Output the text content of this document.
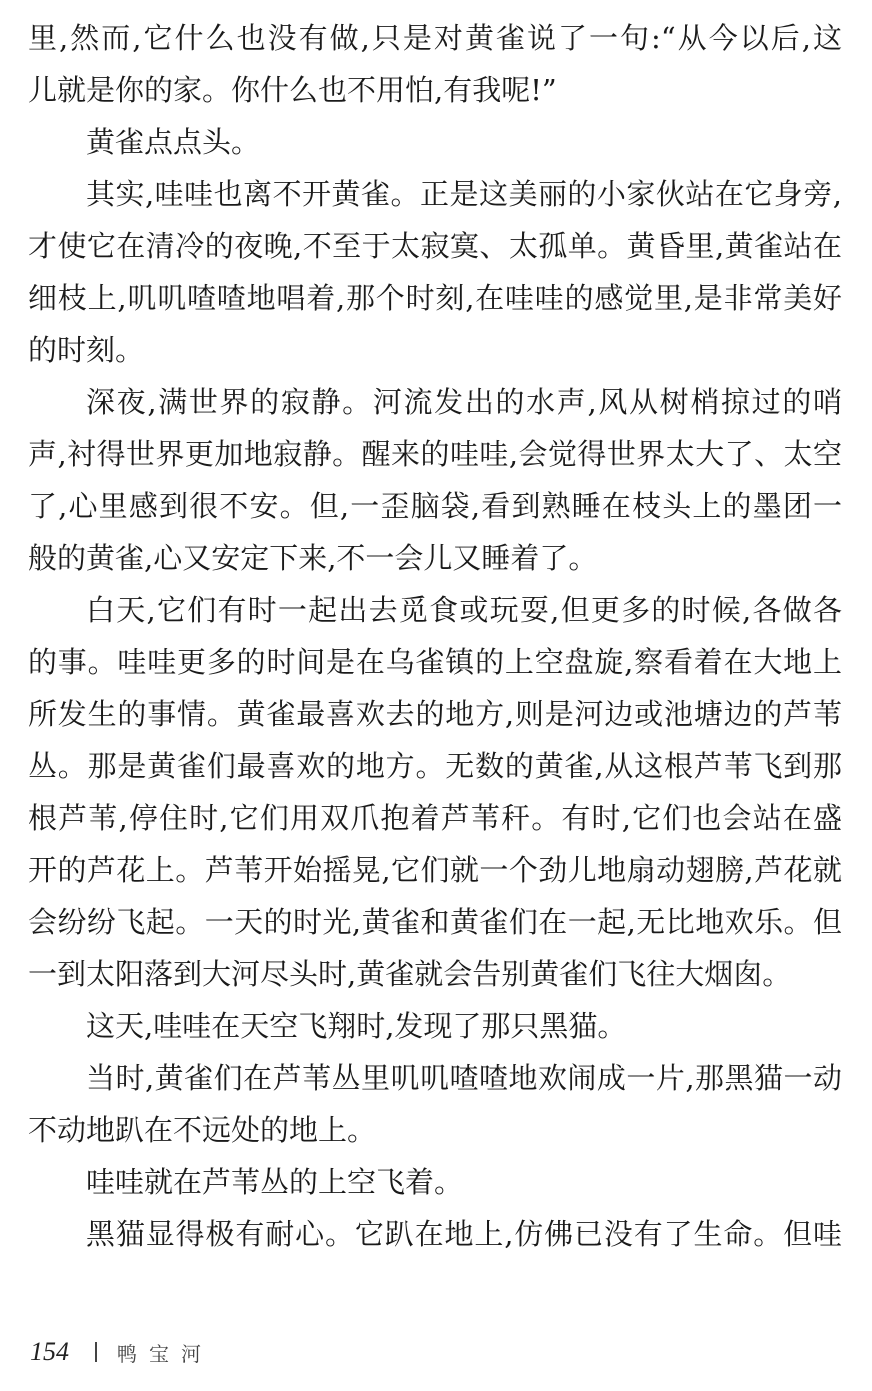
里,然而,它什么也没有做,只是对黄雀说了一句:“从今以后,这
儿就是你的家。你什么也不用怕,有我呢!”
黄雀点点头。
其实,哇哇也离不开黄雀。正是这美丽的小家伙站在它身旁,
才使它在清冷的夜晚,不至于太寂寞、太孤单。黄昏里,黄雀站在
细枝上,叽叽喳喳地唱着,那个时刻,在哇哇的感觉里,是非常美好
的时刻。
深夜,满世界的寂静。河流发出的水声,风从树梢掠过的哨
声,衬得世界更加地寂静。醒来的哇哇,会觉得世界太大了、太空
了,心里感到很不安。但,一歪脑袋,看到熟睡在枝头上的墨团一
般的黄雀,心又安定下来,不一会儿又睡着了。
白天,它们有时一起出去觅食或玩耍,但更多的时候,各做各
的事。哇哇更多的时间是在乌雀镇的上空盘旋,察看着在大地上
所发生的事情。黄雀最喜欢去的地方,则是河边或池塘边的芦苇
丛。那是黄雀们最喜欢的地方。无数的黄雀,从这根芦苇飞到那
根芦苇,停住时,它们用双爪抱着芦苇秆。有时,它们也会站在盛
开的芦花上。芦苇开始摇晃,它们就一个劲儿地扇动翅膀,芦花就
会纷纷飞起。一天的时光,黄雀和黄雀们在一起,无比地欢乐。但
一到太阳落到大河尽头时,黄雀就会告别黄雀们飞往大烟囱。
这天,哇哇在天空飞翔时,发现了那只黑猫。
当时,黄雀们在芦苇丛里叽叽喳喳地欢闹成一片,那黑猫一动
不动地趴在不远处的地上。
哇哇就在芦苇丛的上空飞着。
黑猫显得极有耐心。它趴在地上,仿佛已没有了生命。但哇
154 鸭宝河
